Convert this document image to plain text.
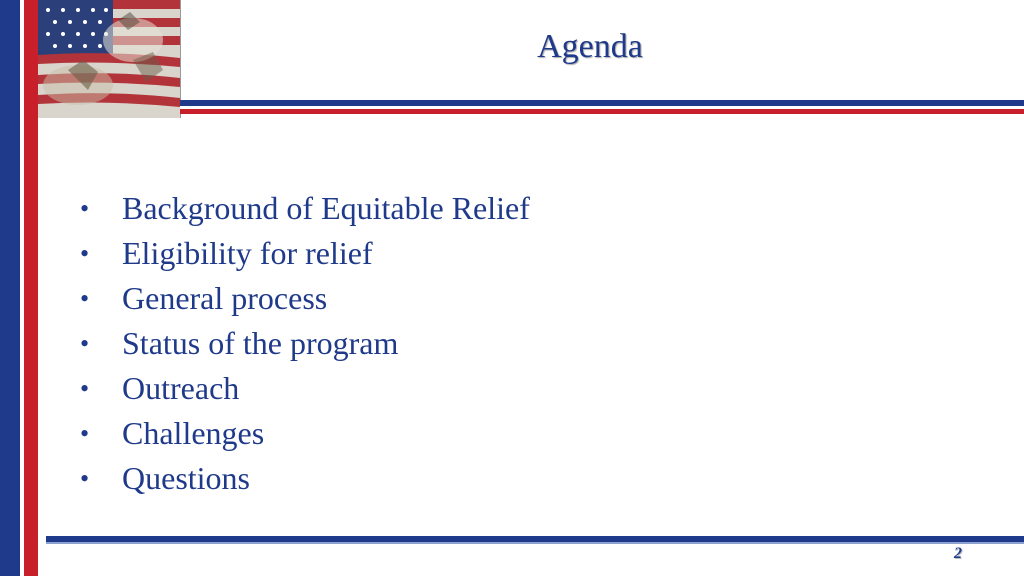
Agenda
•	Background of Equitable Relief
•	Eligibility for relief
•	General process
•	Status of the program
•	Outreach
•	Challenges
•	Questions
2
